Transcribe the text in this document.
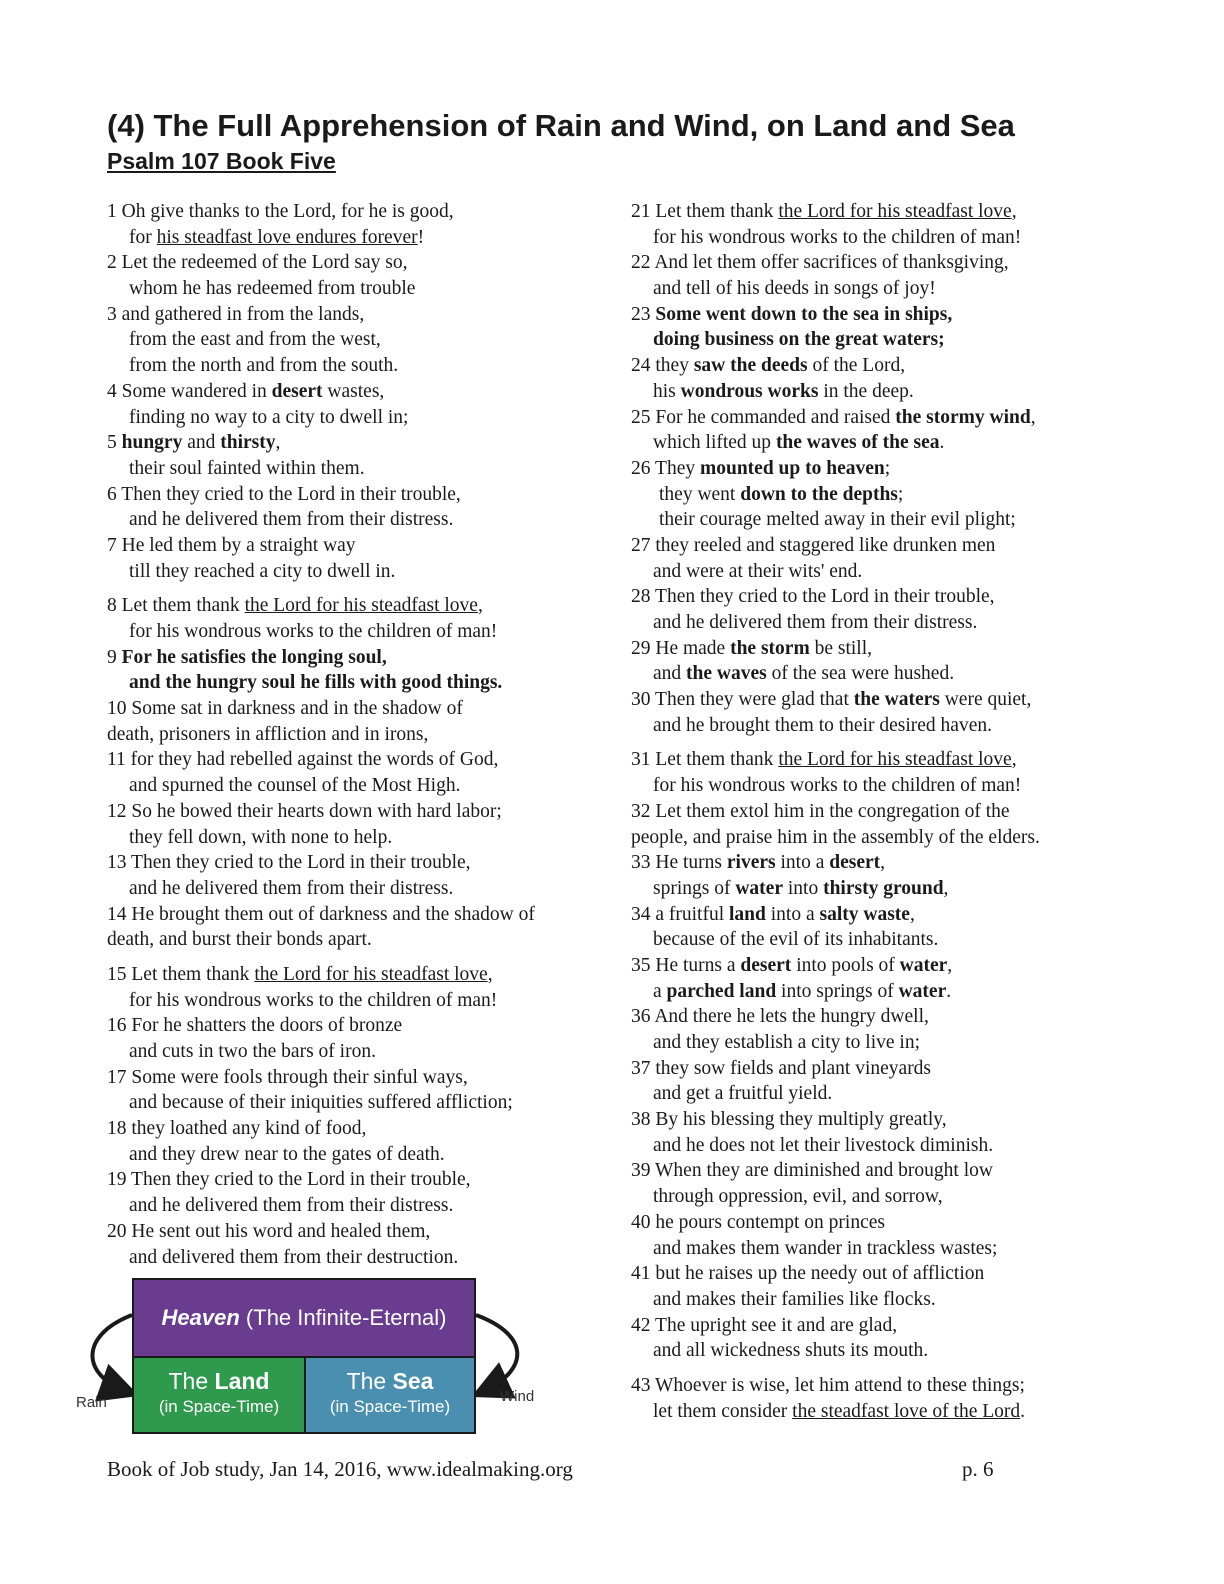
(4) The Full Apprehension of Rain and Wind, on Land and Sea
Psalm 107 Book Five
1 Oh give thanks to the Lord, for he is good,
for his steadfast love endures forever!
2 Let the redeemed of the Lord say so,
whom he has redeemed from trouble
3 and gathered in from the lands,
from the east and from the west,
from the north and from the south.
4 Some wandered in desert wastes,
finding no way to a city to dwell in;
5 hungry and thirsty,
their soul fainted within them.
6 Then they cried to the Lord in their trouble,
and he delivered them from their distress.
7 He led them by a straight way
till they reached a city to dwell in.
8 Let them thank the Lord for his steadfast love,
for his wondrous works to the children of man!
9 For he satisfies the longing soul,
and the hungry soul he fills with good things.
10 Some sat in darkness and in the shadow of
death, prisoners in affliction and in irons,
11 for they had rebelled against the words of God,
and spurned the counsel of the Most High.
12 So he bowed their hearts down with hard labor;
they fell down, with none to help.
13 Then they cried to the Lord in their trouble,
and he delivered them from their distress.
14 He brought them out of darkness and the shadow of
death, and burst their bonds apart.
15 Let them thank the Lord for his steadfast love,
for his wondrous works to the children of man!
16 For he shatters the doors of bronze
and cuts in two the bars of iron.
17 Some were fools through their sinful ways,
and because of their iniquities suffered affliction;
18 they loathed any kind of food,
and they drew near to the gates of death.
19 Then they cried to the Lord in their trouble,
and he delivered them from their distress.
20 He sent out his word and healed them,
and delivered them from their destruction.
21 Let them thank the Lord for his steadfast love,
for his wondrous works to the children of man!
22 And let them offer sacrifices of thanksgiving,
and tell of his deeds in songs of joy!
23 Some went down to the sea in ships,
doing business on the great waters;
24 they saw the deeds of the Lord,
his wondrous works in the deep.
25 For he commanded and raised the stormy wind,
which lifted up the waves of the sea.
26 They mounted up to heaven;
they went down to the depths;
their courage melted away in their evil plight;
27 they reeled and staggered like drunken men
and were at their wits' end.
28 Then they cried to the Lord in their trouble,
and he delivered them from their distress.
29 He made the storm be still,
and the waves of the sea were hushed.
30 Then they were glad that the waters were quiet,
and he brought them to their desired haven.
31 Let them thank the Lord for his steadfast love,
for his wondrous works to the children of man!
32 Let them extol him in the congregation of the
people, and praise him in the assembly of the elders.
33 He turns rivers into a desert,
springs of water into thirsty ground,
34 a fruitful land into a salty waste,
because of the evil of its inhabitants.
35 He turns a desert into pools of water,
a parched land into springs of water.
36 And there he lets the hungry dwell,
and they establish a city to live in;
37 they sow fields and plant vineyards
and get a fruitful yield.
38 By his blessing they multiply greatly,
and he does not let their livestock diminish.
39 When they are diminished and brought low
through oppression, evil, and sorrow,
40 he pours contempt on princes
and makes them wander in trackless wastes;
41 but he raises up the needy out of affliction
and makes their families like flocks.
42 The upright see it and are glad,
and all wickedness shuts its mouth.
43 Whoever is wise, let him attend to these things;
let them consider the steadfast love of the Lord.
Heaven (The Infinite-Eternal)
The Land
(in Space-Time)
The Sea
(in Space-Time)
Rain	Wind
Book of Job study, Jan 14, 2016, www.idealmaking.org	p. 6
